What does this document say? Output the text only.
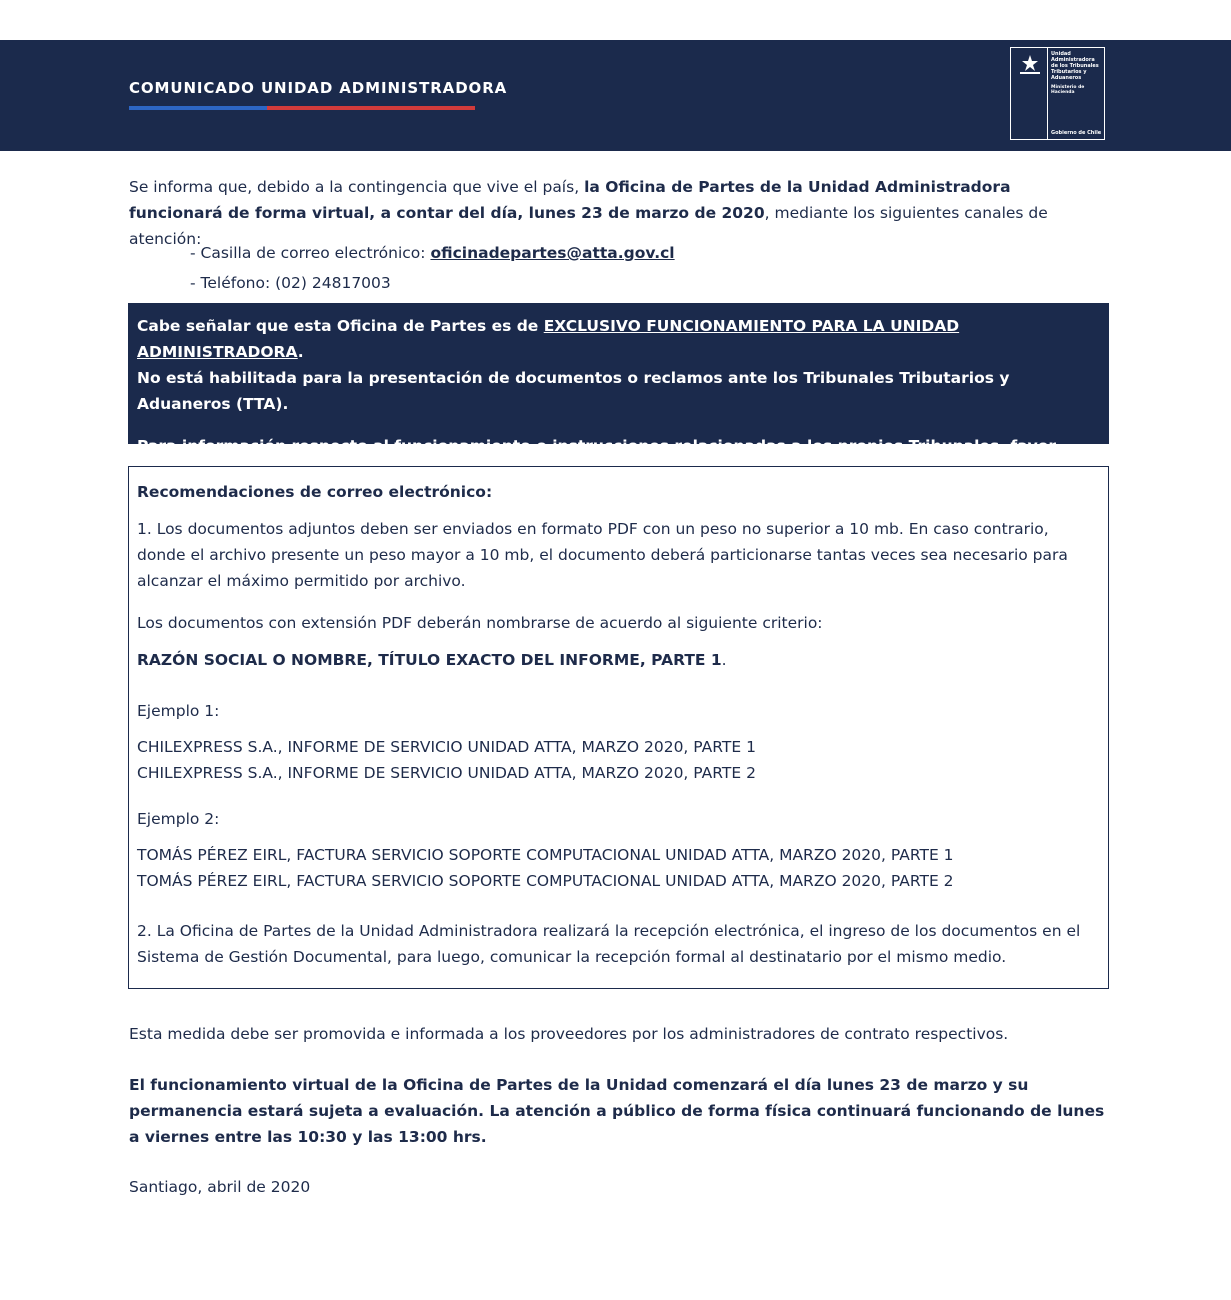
COMUNICADO UNIDAD ADMINISTRADORA
Unidad
Administradora
de los Tribunales
Tributarios y
Aduaneros
Ministerio de Hacienda
Gobierno de Chile
Se informa que, debido a la contingencia que vive el país, la Oficina de Partes de la Unidad Administradora funcionará de forma virtual, a contar del día, lunes 23 de marzo de 2020, mediante los siguientes canales de atención:
- Casilla de correo electrónico: oficinadepartes@atta.gov.cl
- Teléfono: (02) 24817003

Cabe señalar que esta Oficina de Partes es de EXCLUSIVO FUNCIONAMIENTO PARA LA UNIDAD ADMINISTRADORA.
No está habilitada para la presentación de documentos o reclamos ante los Tribunales Tributarios y Aduaneros (TTA).

Para información respecto al funcionamiento o instrucciones relacionadas a los propios Tribunales, favor dirigirse al sitio web de los Tribunales Tributarios y Aduaneros: WWW.TTA.CL.

Recomendaciones de correo electrónico:
1. Los documentos adjuntos deben ser enviados en formato PDF con un peso no superior a 10 mb. En caso contrario, donde el archivo presente un peso mayor a 10 mb, el documento deberá particionarse tantas veces sea necesario para alcanzar el máximo permitido por archivo.
Los documentos con extensión PDF deberán nombrarse de acuerdo al siguiente criterio:
RAZÓN SOCIAL O NOMBRE, TÍTULO EXACTO DEL INFORME, PARTE 1.
Ejemplo 1:
CHILEXPRESS S.A., INFORME DE SERVICIO UNIDAD ATTA, MARZO 2020, PARTE 1
CHILEXPRESS S.A., INFORME DE SERVICIO UNIDAD ATTA, MARZO 2020, PARTE 2
Ejemplo 2:
TOMÁS PÉREZ EIRL, FACTURA SERVICIO SOPORTE COMPUTACIONAL UNIDAD ATTA, MARZO 2020, PARTE 1
TOMÁS PÉREZ EIRL, FACTURA SERVICIO SOPORTE COMPUTACIONAL UNIDAD ATTA, MARZO 2020, PARTE 2
2. La Oficina de Partes de la Unidad Administradora realizará la recepción electrónica, el ingreso de los documentos en el Sistema de Gestión Documental, para luego, comunicar la recepción formal al destinatario por el mismo medio.
Esta medida debe ser promovida e informada a los proveedores por los administradores de contrato respectivos.
El funcionamiento virtual de la Oficina de Partes de la Unidad comenzará el día lunes 23 de marzo y su permanencia estará sujeta a evaluación. La atención a público de forma física continuará funcionando de lunes a viernes entre las 10:30 y las 13:00 hrs.
Santiago, abril de 2020
